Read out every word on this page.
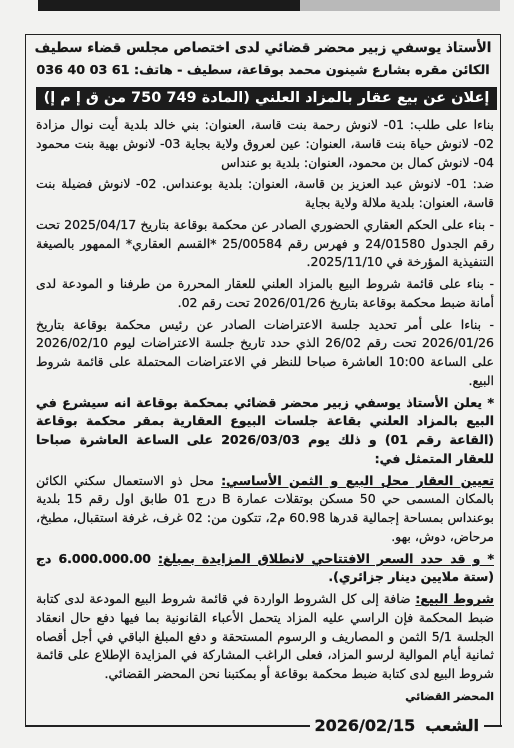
الأستاذ يوسفي زبير محضر قضائي لدى اختصاص مجلس قضاء سطيف
الكائن مقره بشارع شينون محمد بوقاعة، سطيف - هاتف: 036 40 03 61
إعلان عن بيع عقار بالمزاد العلني (المادة 749 750 من ق إ م إ)

بناءا على طلب: 01- لانوش رحمة بنت قاسة، العنوان: بني خالد بلدية أيت نوال مزادة 02- لانوش حياة بنت قاسة، العنوان: عين لعروق ولاية بجاية 03- لانوش بهية بنت محمود 04- لانوش كمال بن محمود، العنوان: بلدية بو عنداس

ضد: 01- لانوش عبد العزيز بن قاسة، العنوان: بلدية بوعنداس. 02- لانوش فضيلة بنت قاسة، العنوان: بلدية ملالة ولاية بجاية

- بناء على الحكم العقاري الحضوري الصادر عن محكمة بوقاعة بتاريخ 2025/04/17 تحت رقم الجدول 24/01580 و فهرس رقم 25/00584 *القسم العقاري* الممهور بالصيغة التنفيذية المؤرخة في 2025/11/10.

- بناء على قائمة شروط البيع بالمزاد العلني للعقار المحررة من طرفنا و المودعة لدى أمانة ضبط محكمة بوقاعة بتاريخ 2026/01/26 تحت رقم 02.

- بناءا على أمر تحديد جلسة الاعتراضات الصادر عن رئيس محكمة بوقاعة بتاريخ 2026/01/26 تحت رقم 26/02 الذي حدد تاريخ جلسة الاعتراضات ليوم 2026/02/10 على الساعة 10:00 العاشرة صباحا للنظر في الاعتراضات المحتملة على قائمة شروط البيع.

* يعلن الأستاذ يوسفي زبير محضر قضائي بمحكمة بوقاعة انه سيشرع في البيع بالمزاد العلني بقاعة جلسات البيوع العقارية بمقر محكمة بوقاعة (القاعة رقم 01) و ذلك يوم 2026/03/03 على الساعة العاشرة صباحا للعقار المتمثل في:

تعيين العقار محل البيع و الثمن الأساسي: محل ذو الاستعمال سكني الكائن بالمكان المسمى حي 50 مسكن بوتقلات عمارة B درج 01 طابق اول رقم 15 بلدية بوعنداس بمساحة إجمالية قدرها 60.98 م2، تتكون من: 02 غرف، غرفة استقبال، مطبخ، مرحاض، دوش، بهو.

* و قد حدد السعر الافتتاحي لانطلاق المزايدة بمبلغ: 6.000.000.00 دج (ستة ملايين دينار جزائري).

شروط البيع: ضافة إلى كل الشروط الواردة في قائمة شروط البيع المودعة لدى كتابة ضبط المحكمة فإن الراسي عليه المزاد يتحمل الأعباء القانونية بما فيها دفع حال انعقاد الجلسة 5/1 الثمن و المصاريف و الرسوم المستحقة و دفع المبلغ الباقي في أجل أقصاه ثمانية أيام الموالية لرسو المزاد، فعلى الراغب المشاركة في المزايدة الإطلاع على قائمة شروط البيع لدى كتابة ضبط محكمة بوقاعة أو بمكتبنا نحن المحضر القضائي.

المحضر القضائي
الشعب
2026/02/15
